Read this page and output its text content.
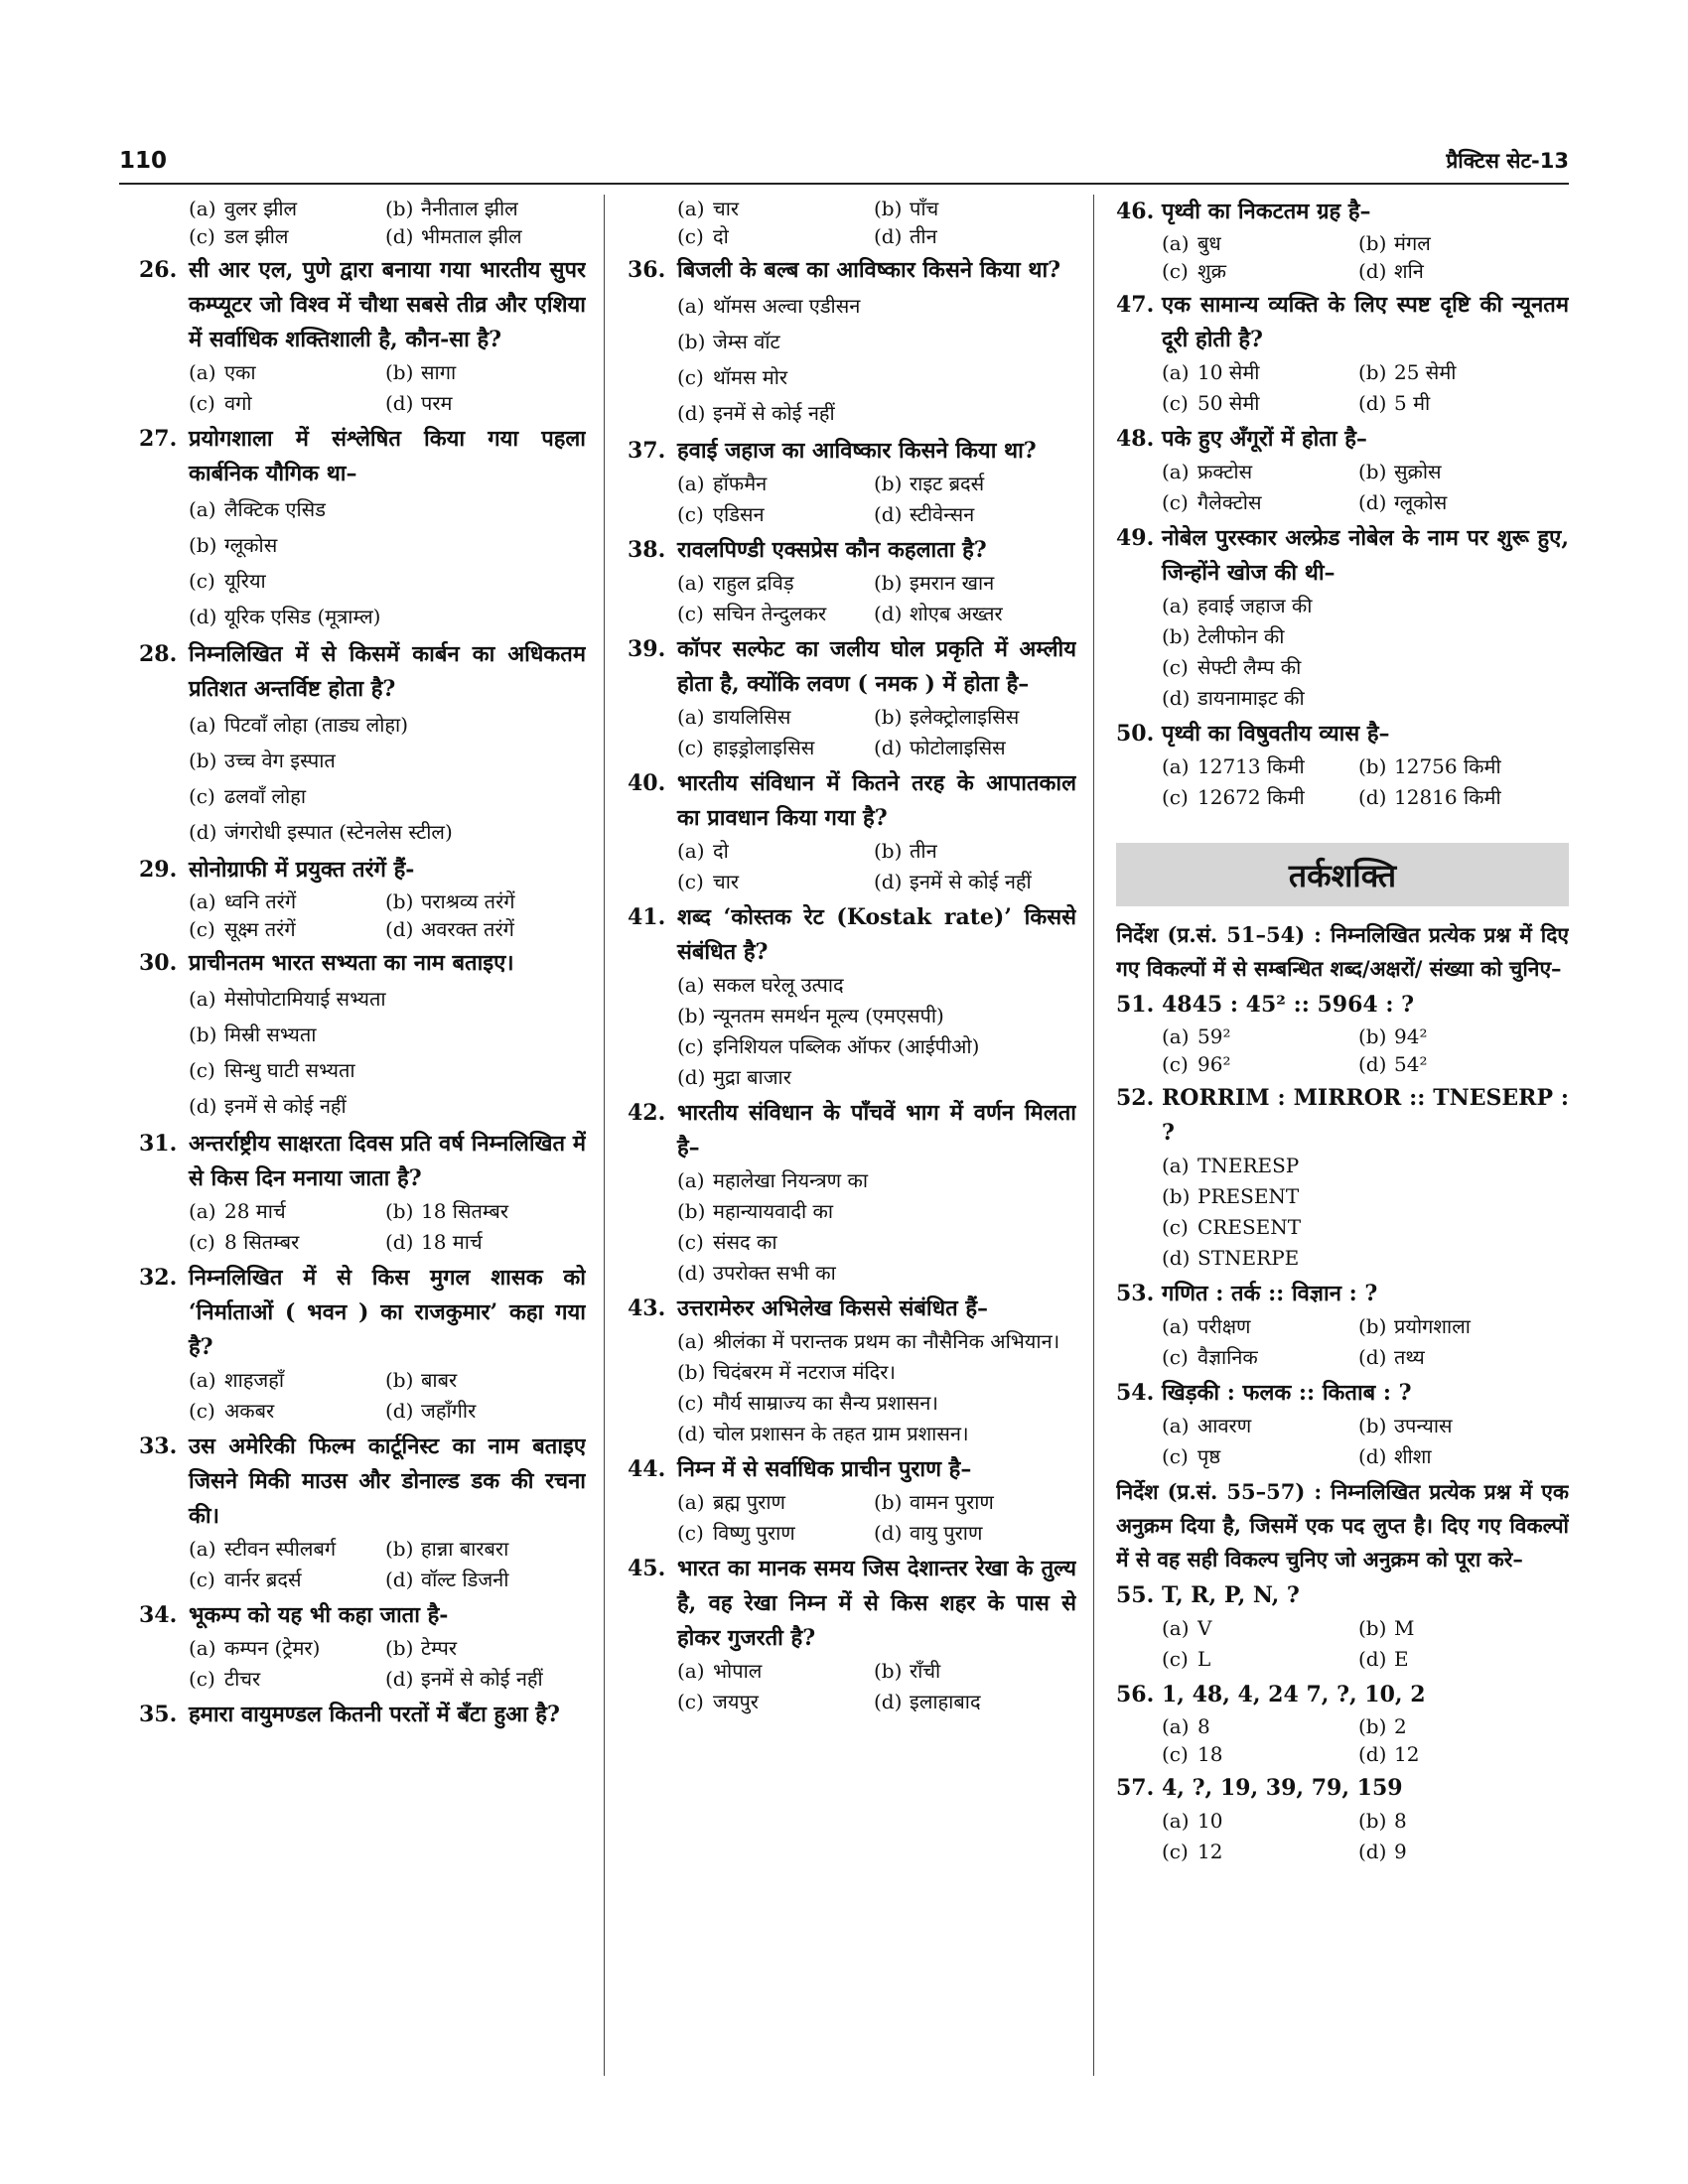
110	प्रैक्टिस सेट-13
(a) वुलर झील	(b) नैनीताल झील
(c) डल झील	(d) भीमताल झील
26. सी आर एल, पुणे द्वारा बनाया गया भारतीय सुपर कम्प्यूटर जो विश्व में चौथा सबसे तीव्र और एशिया में सर्वाधिक शक्तिशाली है, कौन-सा है?
(a) एका	(b) सागा
(c) वगो	(d) परम
27. प्रयोगशाला में संश्लेषित किया गया पहला कार्बनिक यौगिक था–
(a) लैक्टिक एसिड
(b) ग्लूकोस
(c) यूरिया
(d) यूरिक एसिड (मूत्राम्ल)
28. निम्नलिखित में से किसमें कार्बन का अधिकतम प्रतिशत अन्तर्विष्ट होता है?
(a) पिटवाँ लोहा (ताड्य लोहा)
(b) उच्च वेग इस्पात
(c) ढलवाँ लोहा
(d) जंगरोधी इस्पात (स्टेनलेस स्टील)
29. सोनोग्राफी में प्रयुक्त तरंगें हैं-
(a) ध्वनि तरंगें	(b) पराश्रव्य तरंगें
(c) सूक्ष्म तरंगें	(d) अवरक्त तरंगें
30. प्राचीनतम भारत सभ्यता का नाम बताइए।
(a) मेसोपोटामियाई सभ्यता
(b) मिस्री सभ्यता
(c) सिन्धु घाटी सभ्यता
(d) इनमें से कोई नहीं
31. अन्तर्राष्ट्रीय साक्षरता दिवस प्रति वर्ष निम्नलिखित में से किस दिन मनाया जाता है?
(a) 28 मार्च	(b) 18 सितम्बर
(c) 8 सितम्बर	(d) 18 मार्च
32. निम्नलिखित में से किस मुगल शासक को ‘निर्माताओं ( भवन ) का राजकुमार’ कहा गया है?
(a) शाहजहाँ	(b) बाबर
(c) अकबर	(d) जहाँगीर
33. उस अमेरिकी फिल्म कार्टूनिस्ट का नाम बताइए जिसने मिकी माउस और डोनाल्ड डक की रचना की।
(a) स्टीवन स्पीलबर्ग	(b) हान्ना बारबरा
(c) वार्नर ब्रदर्स	(d) वॉल्ट डिजनी
34. भूकम्प को यह भी कहा जाता है-
(a) कम्पन (ट्रेमर)	(b) टेम्पर
(c) टीचर	(d) इनमें से कोई नहीं
35. हमारा वायुमण्डल कितनी परतों में बँटा हुआ है?
(a) चार	(b) पाँच
(c) दो	(d) तीन
36. बिजली के बल्ब का आविष्कार किसने किया था?
(a) थॉमस अल्वा एडीसन
(b) जेम्स वॉट
(c) थॉमस मोर
(d) इनमें से कोई नहीं
37. हवाई जहाज का आविष्कार किसने किया था?
(a) हॉफमैन	(b) राइट ब्रदर्स
(c) एडिसन	(d) स्टीवेन्सन
38. रावलपिण्डी एक्सप्रेस कौन कहलाता है?
(a) राहुल द्रविड़	(b) इमरान खान
(c) सचिन तेन्दुलकर	(d) शोएब अख्तर
39. कॉपर सल्फेट का जलीय घोल प्रकृति में अम्लीय होता है, क्योंकि लवण ( नमक ) में होता है–
(a) डायलिसिस	(b) इलेक्ट्रोलाइसिस
(c) हाइड्रोलाइसिस	(d) फोटोलाइसिस
40. भारतीय संविधान में कितने तरह के आपातकाल का प्रावधान किया गया है?
(a) दो	(b) तीन
(c) चार	(d) इनमें से कोई नहीं
41. शब्द ‘कोस्तक रेट (Kostak rate)’ किससे संबंधित है?
(a) सकल घरेलू उत्पाद
(b) न्यूनतम समर्थन मूल्य (एमएसपी)
(c) इनिशियल पब्लिक ऑफर (आईपीओ)
(d) मुद्रा बाजार
42. भारतीय संविधान के पाँचवें भाग में वर्णन मिलता है–
(a) महालेखा नियन्त्रण का
(b) महान्यायवादी का
(c) संसद का
(d) उपरोक्त सभी का
43. उत्तरामेरुर अभिलेख किससे संबंधित हैं–
(a) श्रीलंका में परान्तक प्रथम का नौसैनिक अभियान।
(b) चिदंबरम में नटराज मंदिर।
(c) मौर्य साम्राज्य का सैन्य प्रशासन।
(d) चोल प्रशासन के तहत ग्राम प्रशासन।
44. निम्न में से सर्वाधिक प्राचीन पुराण है–
(a) ब्रह्म पुराण	(b) वामन पुराण
(c) विष्णु पुराण	(d) वायु पुराण
45. भारत का मानक समय जिस देशान्तर रेखा के तुल्य है, वह रेखा निम्न में से किस शहर के पास से होकर गुजरती है?
(a) भोपाल	(b) राँची
(c) जयपुर	(d) इलाहाबाद
46. पृथ्वी का निकटतम ग्रह है–
(a) बुध	(b) मंगल
(c) शुक्र	(d) शनि
47. एक सामान्य व्यक्ति के लिए स्पष्ट दृष्टि की न्यूनतम दूरी होती है?
(a) 10 सेमी	(b) 25 सेमी
(c) 50 सेमी	(d) 5 मी
48. पके हुए अँगूरों में होता है–
(a) फ्रक्टोस	(b) सुक्रोस
(c) गैलेक्टोस	(d) ग्लूकोस
49. नोबेल पुरस्कार अल्फ्रेड नोबेल के नाम पर शुरू हुए, जिन्होंने खोज की थी–
(a) हवाई जहाज की
(b) टेलीफोन की
(c) सेफ्टी लैम्प की
(d) डायनामाइट की
50. पृथ्वी का विषुवतीय व्यास है–
(a) 12713 किमी	(b) 12756 किमी
(c) 12672 किमी	(d) 12816 किमी
तर्कशक्ति
निर्देश (प्र.सं. 51–54) : निम्नलिखित प्रत्येक प्रश्न में दिए गए विकल्पों में से सम्बन्धित शब्द/अक्षरों/ संख्या को चुनिए–
51. 4845 : 45² :: 5964 : ?
(a) 59²	(b) 94²
(c) 96²	(d) 54²
52. RORRIM : MIRROR :: TNESERP : ?
(a) TNERESP
(b) PRESENT
(c) CRESENT
(d) STNERPE
53. गणित : तर्क :: विज्ञान : ?
(a) परीक्षण	(b) प्रयोगशाला
(c) वैज्ञानिक	(d) तथ्य
54. खिड़की : फलक :: किताब : ?
(a) आवरण	(b) उपन्यास
(c) पृष्ठ	(d) शीशा
निर्देश (प्र.सं. 55–57) : निम्नलिखित प्रत्येक प्रश्न में एक अनुक्रम दिया है, जिसमें एक पद लुप्त है। दिए गए विकल्पों में से वह सही विकल्प चुनिए जो अनुक्रम को पूरा करे–
55. T, R, P, N, ?
(a) V	(b) M
(c) L	(d) E
56. 1, 48, 4, 24 7, ?, 10, 2
(a) 8	(b) 2
(c) 18	(d) 12
57. 4, ?, 19, 39, 79, 159
(a) 10	(b) 8
(c) 12	(d) 9
